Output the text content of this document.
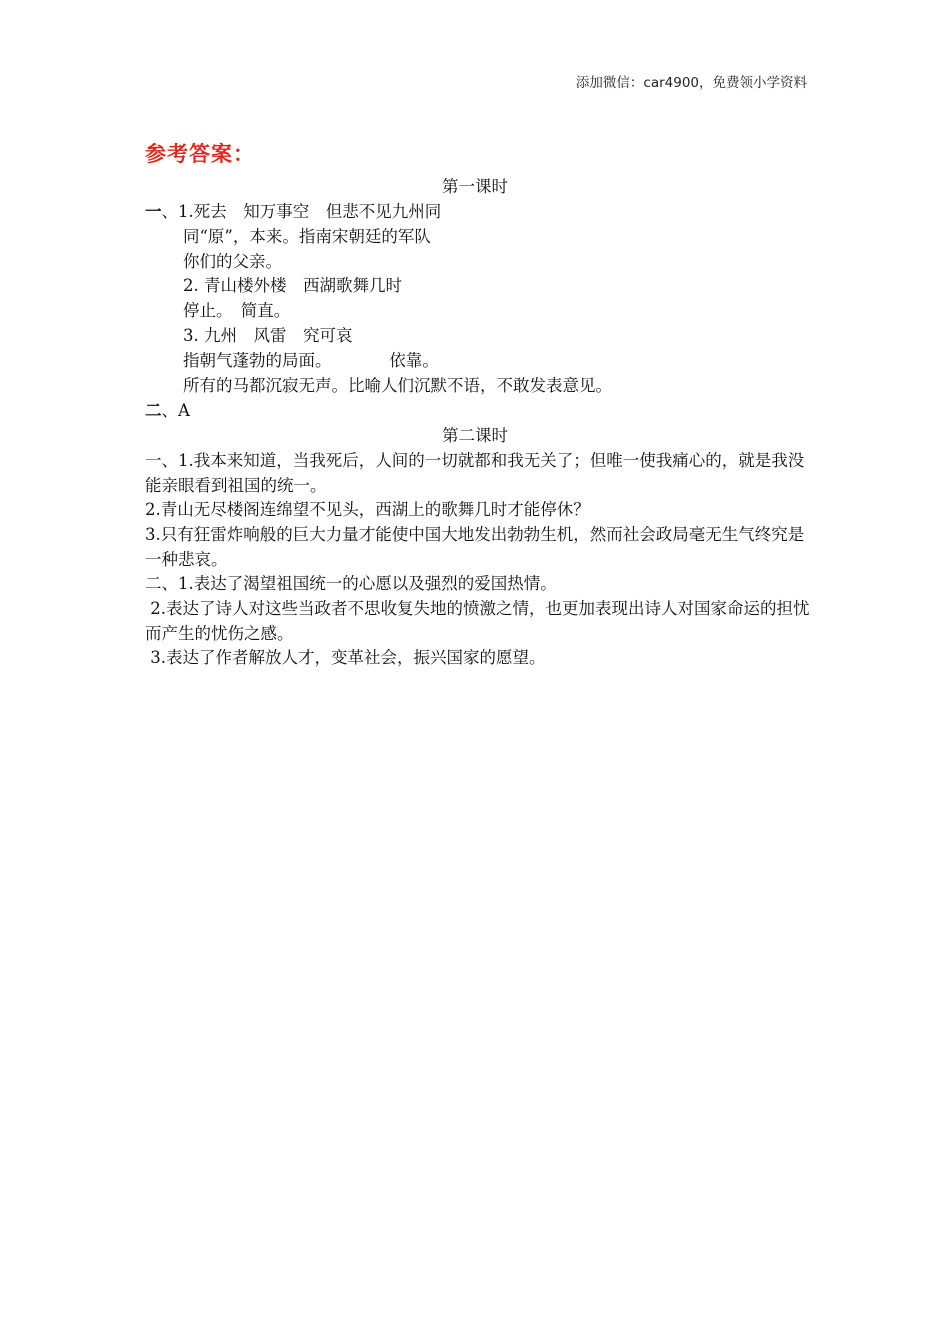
添加微信：car4900，免费领小学资料
参考答案：
第一课时
一、1.死去　知万事空　但悲不见九州同
同“原”，本来。指南宋朝廷的军队
你们的父亲。
2. 青山楼外楼　西湖歌舞几时
停止。　简直。
3. 九州　风雷　究可哀
指朝气蓬勃的局面。　　　　依靠。
所有的马都沉寂无声。比喻人们沉默不语，不敢发表意见。
二、A
第二课时
一、1.我本来知道，当我死后，人间的一切就都和我无关了；但唯一使我痛心的，就是我没能亲眼看到祖国的统一。
2.青山无尽楼阁连绵望不见头，西湖上的歌舞几时才能停休？
3.只有狂雷炸响般的巨大力量才能使中国大地发出勃勃生机，然而社会政局毫无生气终究是一种悲哀。
二、1.表达了渴望祖国统一的心愿以及强烈的爱国热情。
2.表达了诗人对这些当政者不思收复失地的愤激之情，也更加表现出诗人对国家命运的担忧而产生的忧伤之感。
3.表达了作者解放人才，变革社会，振兴国家的愿望。
